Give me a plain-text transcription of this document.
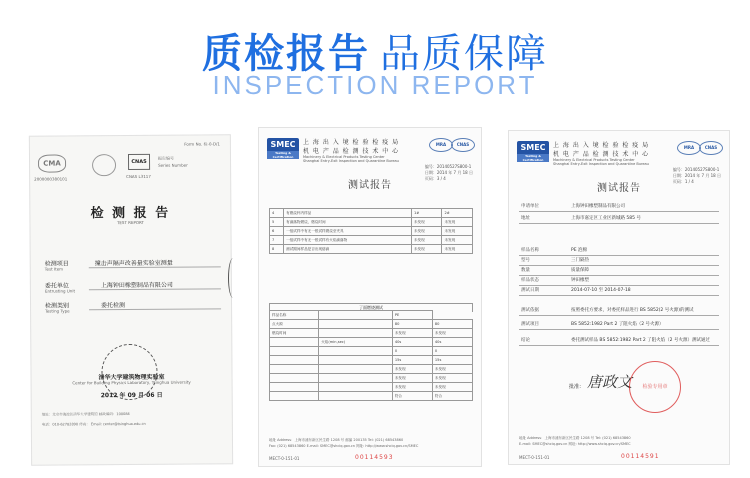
质检报告 品质保障
INSPECTION REPORT
Form No. 检-0-D/1
CMA
2000000380101
CNAS
CNAS L3117
报告编号
Series Number
检 测 报 告
TEST REPORT
检测项目
Test Item
撞击声隔声改善量实验室测量
委托单位
Entrusting Unit
上海钟田橡塑制品有限公司
检测类别
Testing Type
委托检测
清华大学建筑物理实验室
Center for Building Physics Laboratory, Tsinghua University
2012 年 09 月 06 日
地址：北京市海淀区清华大学建筑馆 邮政编码：100084
电话：010-62782890 传真： Email: center@tsinghua.edu.cn
SMEC
Testing & Certification
上 海 出 入 境 检 验 检 疫 局
机 电 产 品 检 测 技 术 中 心
Machinery & Electrical Products Testing Center
Shanghai Entry-Exit Inspection and Quarantine Bureau
MRA	CNAS
编号：20140527S800-1
日期：2014 年 7 月 18 日
页码：3 / 4
测试报告
4	有燃烧杯内样品	1#	2#
5	有滴落物燃烧，燃烧时间	未发现	未发现
6	一组试样中有无一根试样燃烧至夹具	未发现	未发现
7	一组试样中有无一根试样有火焰滴落物	未发现	未发现
8	测试期间样品是否出现熔滴	未发现	未发现
了面燃烧测试
样品名称		PE	
点火源		80	80
燃烧时间		未发现	未发现
	火焰(min,sec)	40s	40s
		0	0
		15s	15s
		未发现	未发现
		未发现	未发现
		未发现	未发现
		符合	符合
地址 Address：上海市浦东新区民生路 1208 号 邮编 200135 Tel: (021) 68543860
Fax: (021) 68543860 E-mail: SMEC@shciq.gov.cn 网址: http://www.shciq.gov.cn/SMEC
MECT-0-151-01	00114593
SMEC
Testing & Certification
上 海 出 入 境 检 验 检 疫 局
机 电 产 品 检 测 技 术 中 心
Machinery & Electrical Products Testing Center
Shanghai Entry-Exit Inspection and Quarantine Bureau
MRA	CNAS
编号：20140527S800-1
日期：2014 年 7 月 18 日
页码：1 / 4
测试报告
申请单位	上海钟田橡塑制品有限公司
地址	上海市嘉定区工业区新城路 585 号
样品名称	PE 泡棉
型号	三门隔热
数量	质量保障
样品状态	钟田橡塑
测试日期	2014-07-10 至 2014-07-18
测试依据	按照委托方要求，对委托样品进行 BS 5852(2 号火源)的测试
测试项目	BS 5852:1982 Part 2 了阻火焰（2 号火源）
结论	委托测试样品 BS 5852:1982 Part 2 了阻火焰（2 号火源）测试通过
批准： 唐政文	检验专用章
地址 Address：上海市浦东新区民生路 1208 号 Tel: (021) 68543860
E-mail: SMEC@shciq.gov.cn 网址: http://www.shciq.gov.cn/SMEC
MECT-0-151-01	00114591
